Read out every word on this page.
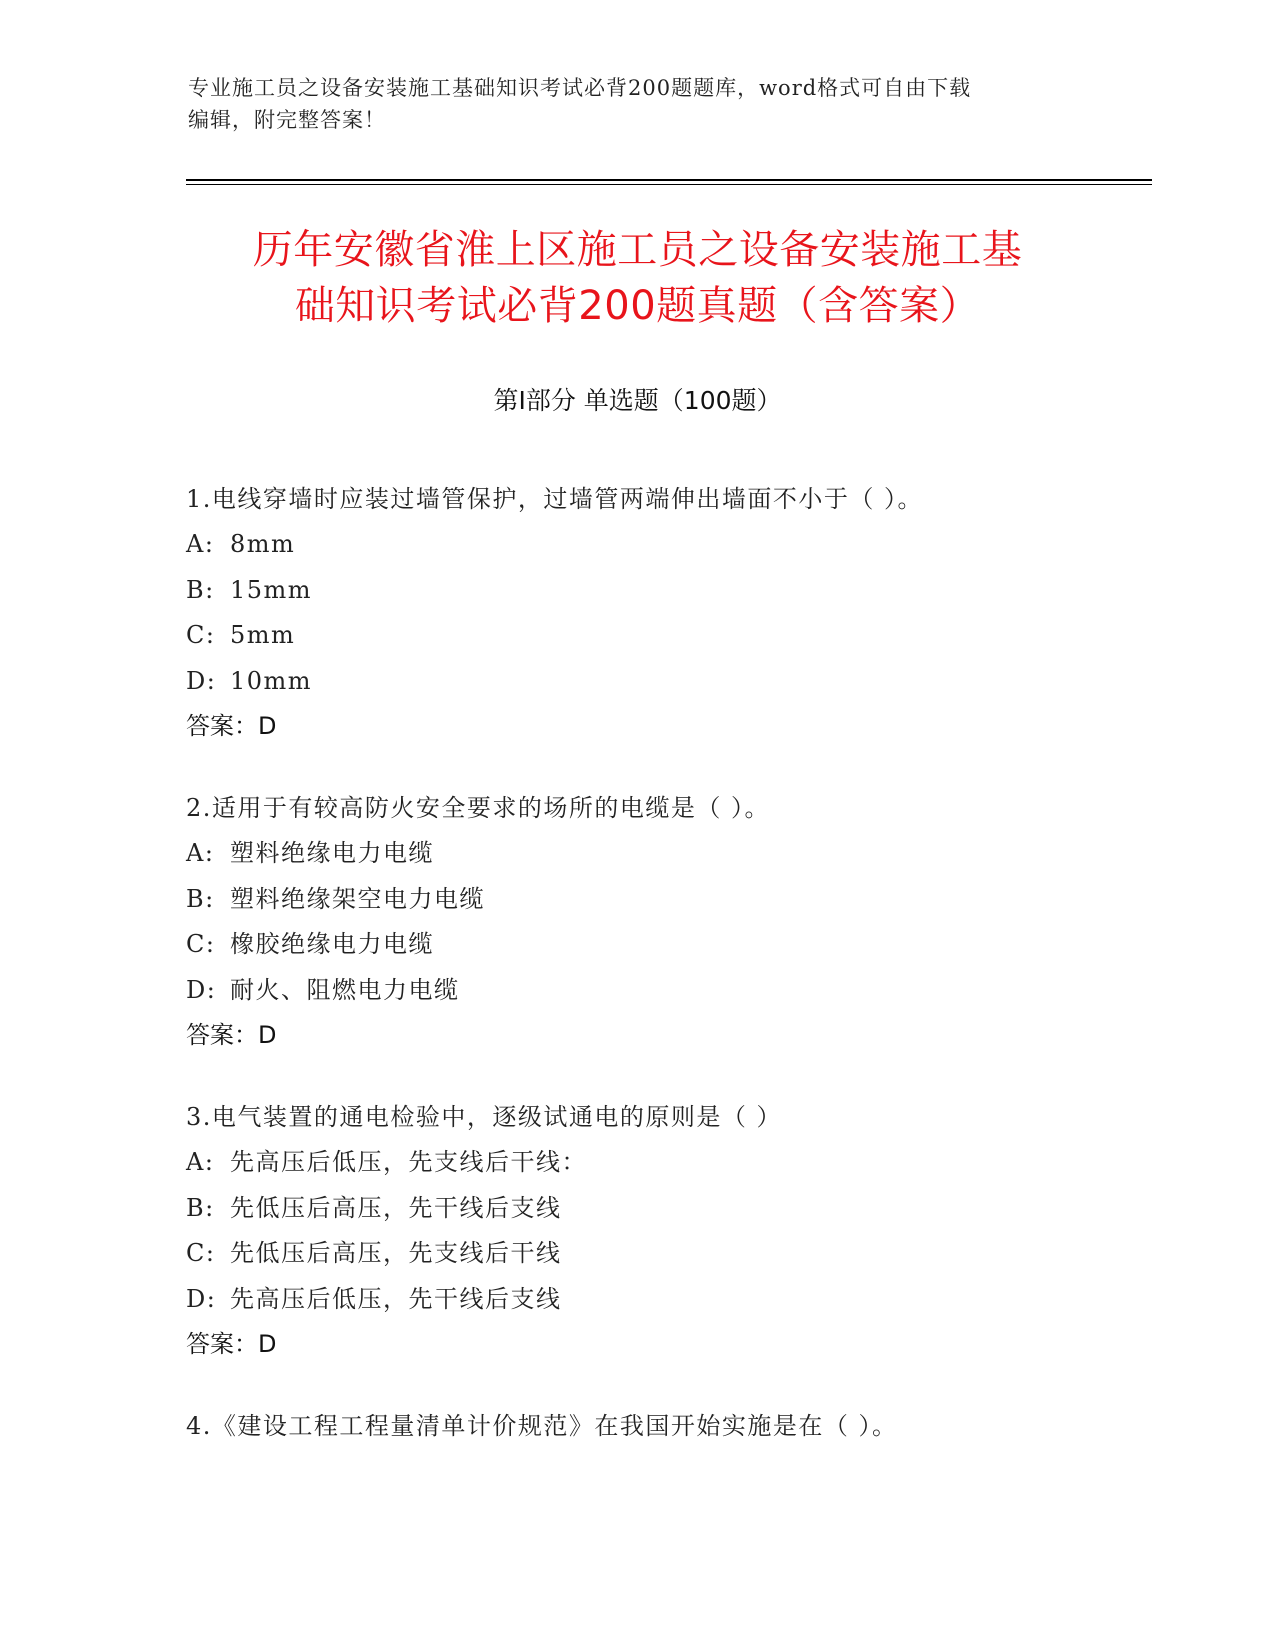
专业施工员之设备安装施工基础知识考试必背200题题库，word格式可自由下载
编辑，附完整答案！
历年安徽省淮上区施工员之设备安装施工基
础知识考试必背200题真题（含答案）
第Ⅰ部分 单选题（100题）
1.电线穿墙时应装过墙管保护，过墙管两端伸出墙面不小于（ ）。
A: 8mm
B: 15mm
C: 5mm
D: 10mm
答案：D
2.适用于有较高防火安全要求的场所的电缆是（ ）。
A: 塑料绝缘电力电缆
B: 塑料绝缘架空电力电缆
C: 橡胶绝缘电力电缆
D: 耐火、阻燃电力电缆
答案：D
3.电气装置的通电检验中，逐级试通电的原则是（ ）
A: 先高压后低压，先支线后干线：
B: 先低压后高压，先干线后支线
C: 先低压后高压，先支线后干线
D: 先高压后低压，先干线后支线
答案：D
4.《建设工程工程量清单计价规范》在我国开始实施是在（ ）。
